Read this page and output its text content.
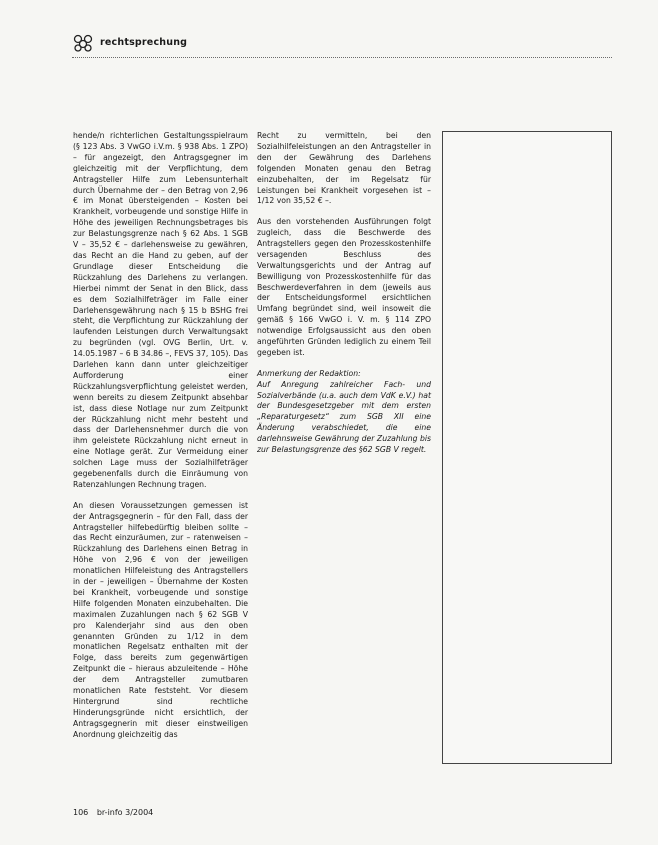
rechtsprechung

hende/n richterlichen Gestaltungsspielraum (§ 123 Abs. 3 VwGO i.V.m. § 938 Abs. 1 ZPO) – für angezeigt, den Antragsgegner im gleichzeitig mit der Verpflichtung, dem Antragsteller Hilfe zum Lebensunterhalt durch Übernahme der – den Betrag von 2,96 € im Monat übersteigenden – Kosten bei Krankheit, vorbeugende und sonstige Hilfe in Höhe des jeweiligen Rechnungsbetrages bis zur Belastungsgrenze nach § 62 Abs. 1 SGB V – 35,52 € – darlehensweise zu gewähren, das Recht an die Hand zu geben, auf der Grundlage dieser Entscheidung die Rückzahlung des Darlehens zu verlangen. Hierbei nimmt der Senat in den Blick, dass es dem Sozialhilfeträger im Falle einer Darlehensgewährung nach § 15 b BSHG frei steht, die Verpflichtung zur Rückzahlung der laufenden Leistungen durch Verwaltungsakt zu begründen (vgl. OVG Berlin, Urt. v. 14.05.1987 – 6 B 34.86 –, FEVS 37, 105). Das Darlehen kann dann unter gleichzeitiger Aufforderung einer Rückzahlungsverpflichtung geleistet werden, wenn bereits zu diesem Zeitpunkt absehbar ist, dass diese Notlage nur zum Zeitpunkt der Rückzahlung nicht mehr besteht und dass der Darlehensnehmer durch die von ihm geleistete Rückzahlung nicht erneut in eine Notlage gerät. Zur Vermeidung einer solchen Lage muss der Sozialhilfeträger gegebenenfalls durch die Einräumung von Ratenzahlungen Rechnung tragen.

An diesen Voraussetzungen gemessen ist der Antragsgegnerin – für den Fall, dass der Antragsteller hilfebedürftig bleiben sollte – das Recht einzuräumen, zur – ratenweisen – Rückzahlung des Darlehens einen Betrag in Höhe von 2,96 € von der jeweiligen monatlichen Hilfeleistung des Antragstellers in der – jeweiligen – Übernahme der Kosten bei Krankheit, vorbeugende und sonstige Hilfe folgenden Monaten einzubehalten. Die maximalen Zuzahlungen nach § 62 SGB V pro Kalenderjahr sind aus den oben genannten Gründen zu 1/12 in dem monatlichen Regelsatz enthalten mit der Folge, dass bereits zum gegenwärtigen Zeitpunkt die – hieraus abzuleitende – Höhe der dem Antragsteller zumutbaren monatlichen Rate feststeht. Vor diesem Hintergrund sind rechtliche Hinderungsgründe nicht ersichtlich, der Antragsgegnerin mit dieser einstweiligen Anordnung gleichzeitig das

Recht zu vermitteln, bei den Sozialhilfeleistungen an den Antragsteller in den der Gewährung des Darlehens folgenden Monaten genau den Betrag einzubehalten, der im Regelsatz für Leistungen bei Krankheit vorgesehen ist – 1/12 von 35,52 € –.

Aus den vorstehenden Ausführungen folgt zugleich, dass die Beschwerde des Antragstellers gegen den Prozesskostenhilfe versagenden Beschluss des Verwaltungsgerichts und der Antrag auf Bewilligung von Prozesskostenhilfe für das Beschwerdeverfahren in dem (jeweils aus der Entscheidungsformel ersichtlichen Umfang begründet sind, weil insoweit die gemäß § 166 VwGO i. V. m. § 114 ZPO notwendige Erfolgsaussicht aus den oben angeführten Gründen lediglich zu einem Teil gegeben ist.

Anmerkung der Redaktion:

Auf Anregung zahlreicher Fach- und Sozialverbände (u.a. auch dem VdK e.V.) hat der Bundesgesetzgeber mit dem ersten „Reparaturgesetz“ zum SGB XII eine Änderung verabschiedet, die eine darlehnsweise Gewährung der Zuzahlung bis zur Belastungsgrenze des §62 SGB V regelt.

106 br-info 3/2004
